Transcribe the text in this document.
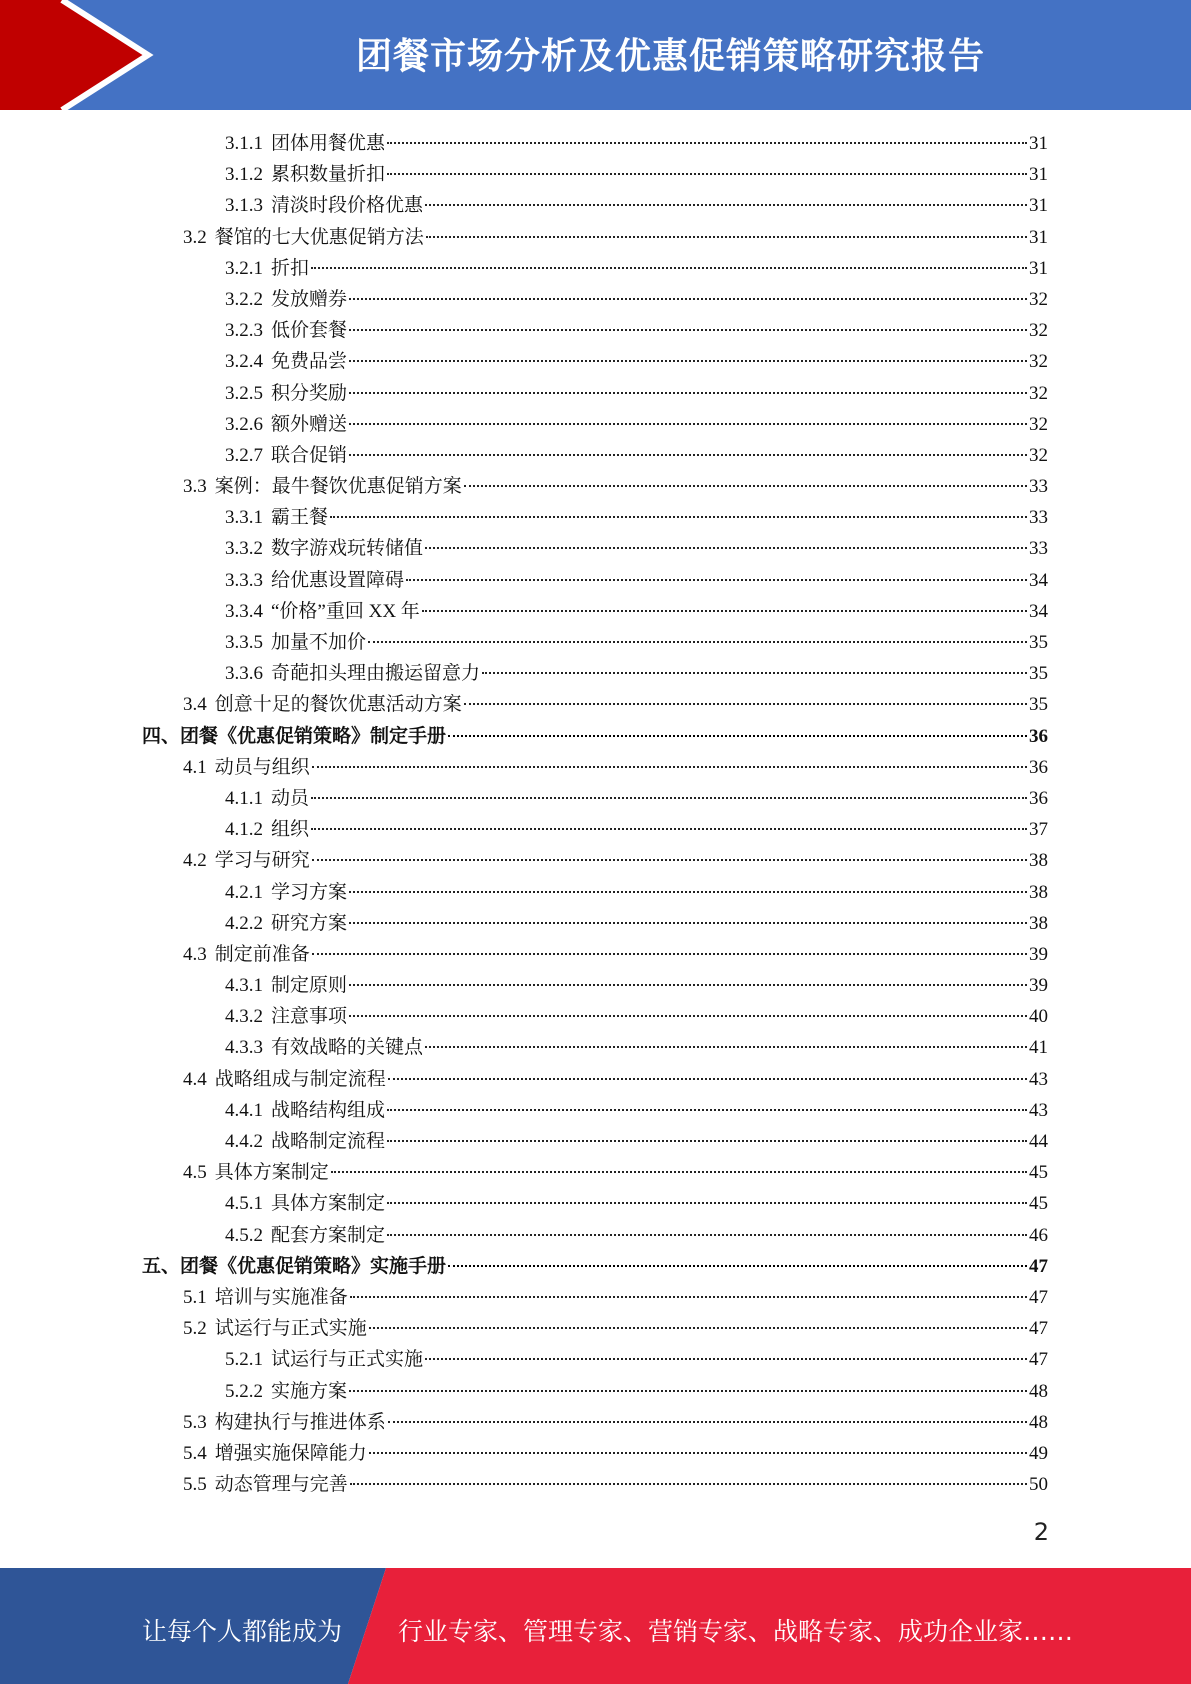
团餐市场分析及优惠促销策略研究报告
3.1.1 团体用餐优惠	31
3.1.2 累积数量折扣	31
3.1.3 清淡时段价格优惠	31
3.2 餐馆的七大优惠促销方法	31
3.2.1 折扣	31
3.2.2 发放赠券	32
3.2.3 低价套餐	32
3.2.4 免费品尝	32
3.2.5 积分奖励	32
3.2.6 额外赠送	32
3.2.7 联合促销	32
3.3 案例：最牛餐饮优惠促销方案	33
3.3.1 霸王餐	33
3.3.2 数字游戏玩转储值	33
3.3.3 给优惠设置障碍	34
3.3.4 “价格”重回 XX 年	34
3.3.5 加量不加价	35
3.3.6 奇葩扣头理由搬运留意力	35
3.4 创意十足的餐饮优惠活动方案	35
四、团餐《优惠促销策略》制定手册	36
4.1 动员与组织	36
4.1.1 动员	36
4.1.2 组织	37
4.2 学习与研究	38
4.2.1 学习方案	38
4.2.2 研究方案	38
4.3 制定前准备	39
4.3.1 制定原则	39
4.3.2 注意事项	40
4.3.3 有效战略的关键点	41
4.4 战略组成与制定流程	43
4.4.1 战略结构组成	43
4.4.2 战略制定流程	44
4.5 具体方案制定	45
4.5.1 具体方案制定	45
4.5.2 配套方案制定	46
五、团餐《优惠促销策略》实施手册	47
5.1 培训与实施准备	47
5.2 试运行与正式实施	47
5.2.1 试运行与正式实施	47
5.2.2 实施方案	48
5.3 构建执行与推进体系	48
5.4 增强实施保障能力	49
5.5 动态管理与完善	50
2
让每个人都能成为 行业专家、管理专家、营销专家、战略专家、成功企业家……
